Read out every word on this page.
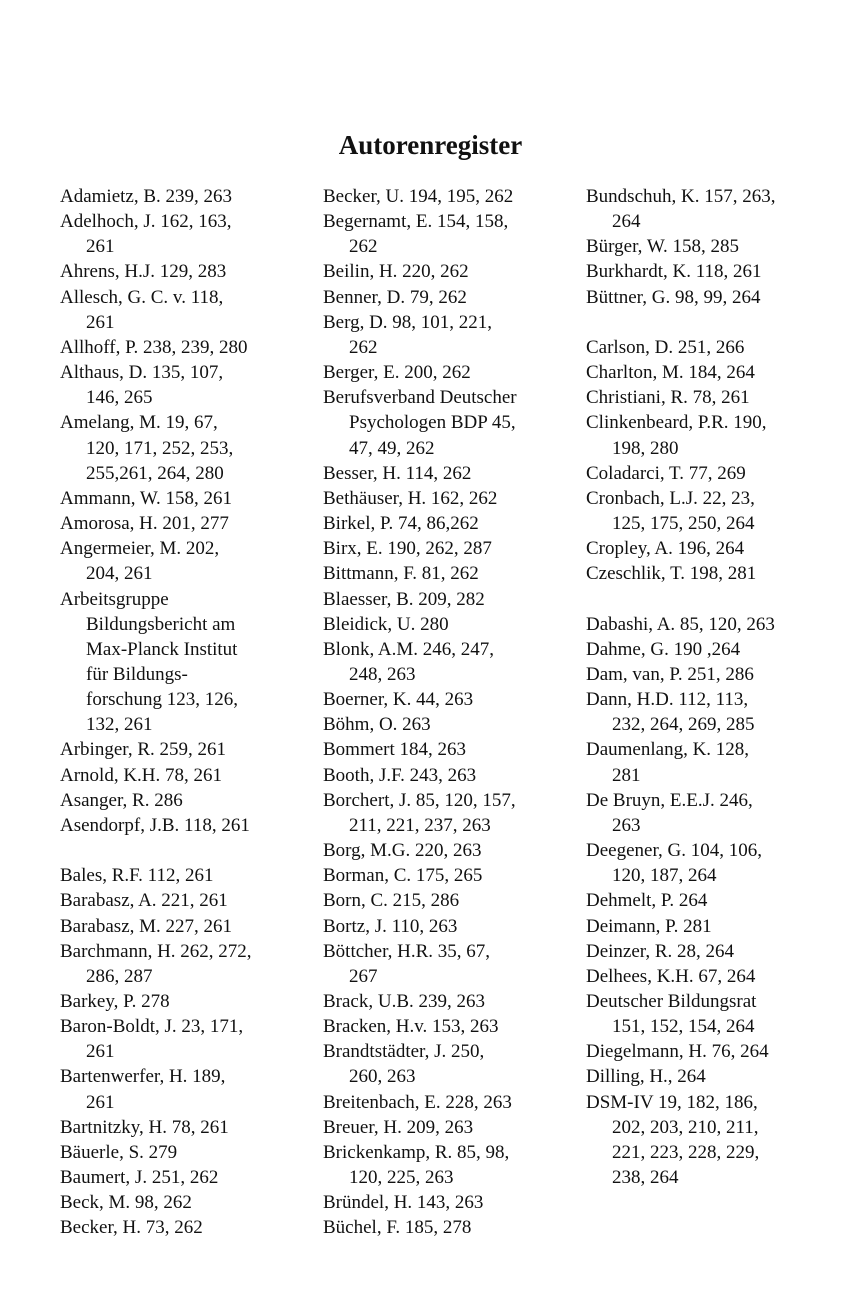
Autorenregister
Adamietz, B. 239, 263
Adelhoch, J. 162, 163,
261
Ahrens, H.J. 129, 283
Allesch, G. C. v. 118,
261
Allhoff, P. 238, 239, 280
Althaus, D. 135, 107,
146, 265
Amelang, M. 19, 67,
120, 171, 252, 253,
255,261, 264, 280
Ammann, W. 158, 261
Amorosa, H. 201, 277
Angermeier, M. 202,
204, 261
Arbeitsgruppe
Bildungsbericht am
Max-Planck Institut
für Bildungs-
forschung 123, 126,
132, 261
Arbinger, R. 259, 261
Arnold, K.H. 78, 261
Asanger, R. 286
Asendorpf, J.B. 118, 261
Bales, R.F. 112, 261
Barabasz, A. 221, 261
Barabasz, M. 227, 261
Barchmann, H. 262, 272,
286, 287
Barkey, P. 278
Baron-Boldt, J. 23, 171,
261
Bartenwerfer, H. 189,
261
Bartnitzky, H. 78, 261
Bäuerle, S. 279
Baumert, J. 251, 262
Beck, M. 98, 262
Becker, H. 73, 262
Becker, U. 194, 195, 262
Begernamt, E. 154, 158,
262
Beilin, H. 220, 262
Benner, D. 79, 262
Berg, D. 98, 101, 221,
262
Berger, E. 200, 262
Berufsverband Deutscher
Psychologen BDP 45,
47, 49, 262
Besser, H. 114, 262
Bethäuser, H. 162, 262
Birkel, P. 74, 86,262
Birx, E. 190, 262, 287
Bittmann, F. 81, 262
Blaesser, B. 209, 282
Bleidick, U. 280
Blonk, A.M. 246, 247,
248, 263
Boerner, K. 44, 263
Böhm, O. 263
Bommert 184, 263
Booth, J.F. 243, 263
Borchert, J. 85, 120, 157,
211, 221, 237, 263
Borg, M.G. 220, 263
Borman, C. 175, 265
Born, C. 215, 286
Bortz, J. 110, 263
Böttcher, H.R. 35, 67,
267
Brack, U.B. 239, 263
Bracken, H.v. 153, 263
Brandtstädter, J. 250,
260, 263
Breitenbach, E. 228, 263
Breuer, H. 209, 263
Brickenkamp, R. 85, 98,
120, 225, 263
Bründel, H. 143, 263
Büchel, F. 185, 278
Bundschuh, K. 157, 263,
264
Bürger, W. 158, 285
Burkhardt, K. 118, 261
Büttner, G. 98, 99, 264
Carlson, D. 251, 266
Charlton, M. 184, 264
Christiani, R. 78, 261
Clinkenbeard, P.R. 190,
198, 280
Coladarci, T. 77, 269
Cronbach, L.J. 22, 23,
125, 175, 250, 264
Cropley, A. 196, 264
Czeschlik, T. 198, 281
Dabashi, A. 85, 120, 263
Dahme, G. 190 ,264
Dam, van, P. 251, 286
Dann, H.D. 112, 113,
232, 264, 269, 285
Daumenlang, K. 128,
281
De Bruyn, E.E.J. 246,
263
Deegener, G. 104, 106,
120, 187, 264
Dehmelt, P. 264
Deimann, P. 281
Deinzer, R. 28, 264
Delhees, K.H. 67, 264
Deutscher Bildungsrat
151, 152, 154, 264
Diegelmann, H. 76, 264
Dilling, H., 264
DSM-IV 19, 182, 186,
202, 203, 210, 211,
221, 223, 228, 229,
238, 264
